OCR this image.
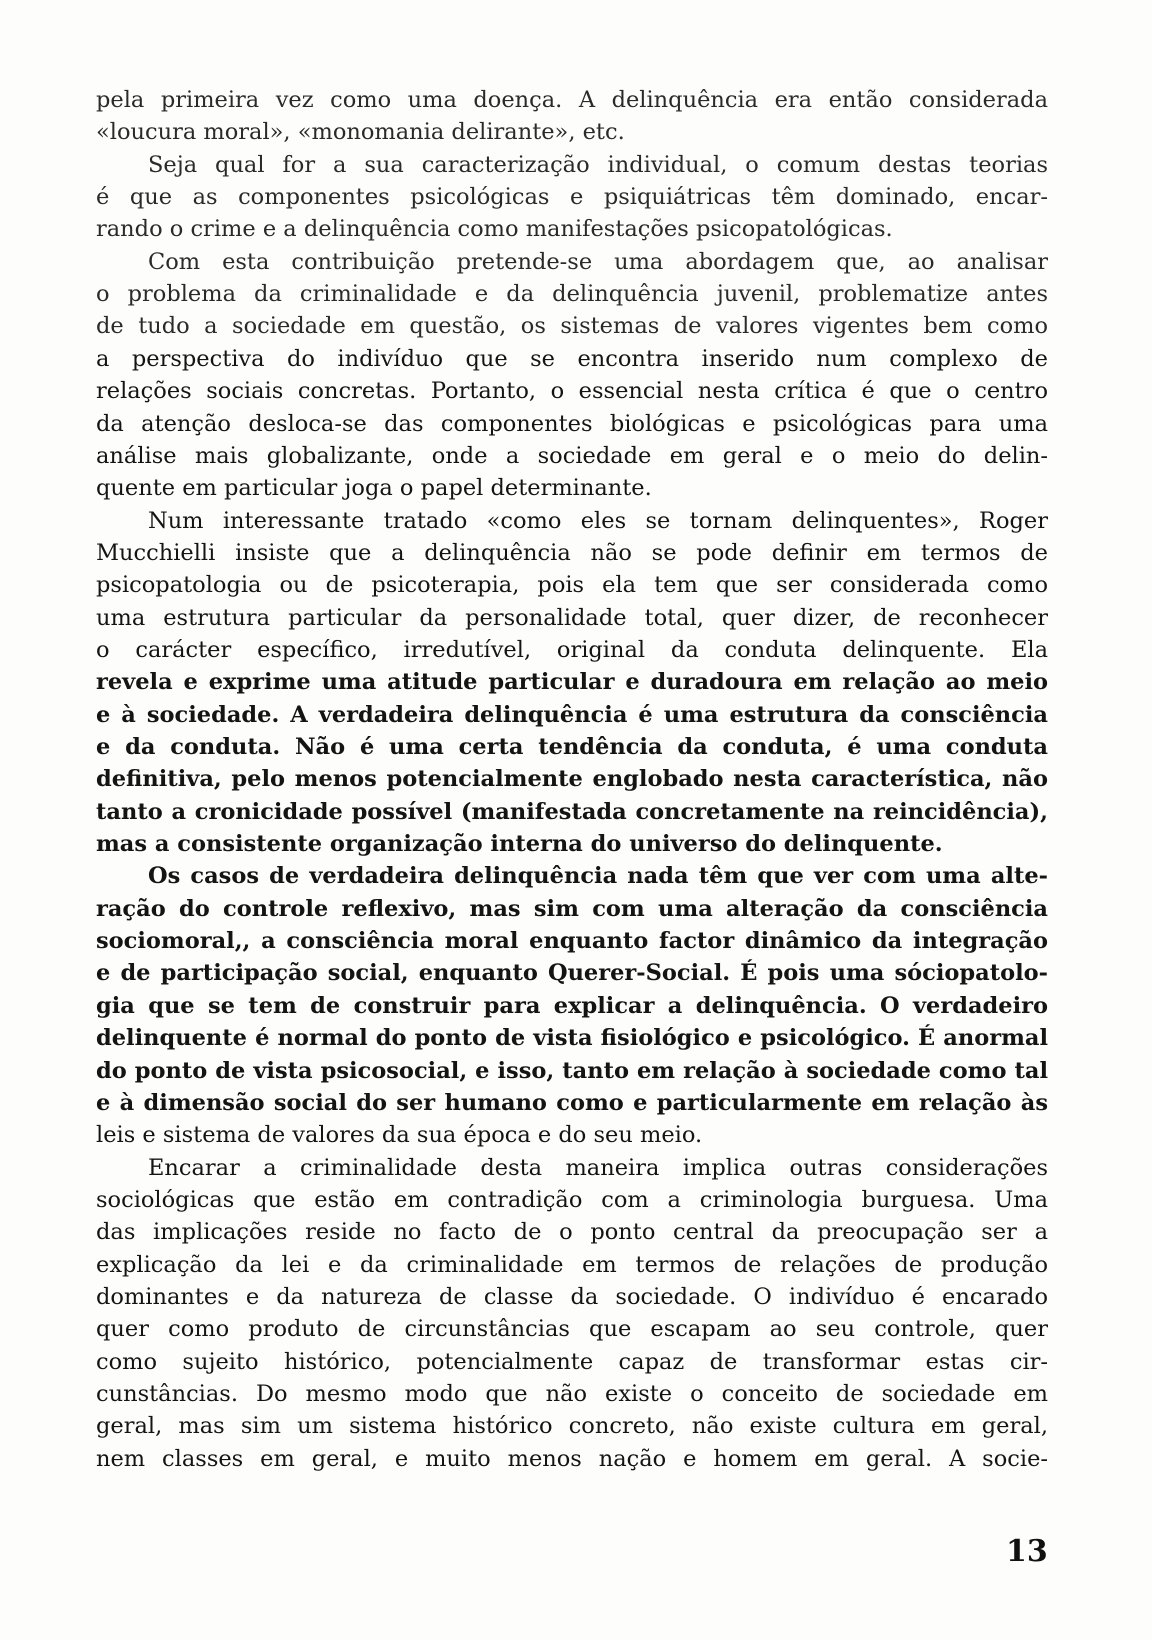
pela primeira vez como uma doença. A delinquência era então considerada
«loucura moral», «monomania delirante», etc.
Seja qual for a sua caracterização individual, o comum destas teorias
é que as componentes psicológicas e psiquiátricas têm dominado, encar-
rando o crime e a delinquência como manifestações psicopatológicas.
Com esta contribuição pretende-se uma abordagem que, ao analisar
o problema da criminalidade e da delinquência juvenil, problematize antes
de tudo a sociedade em questão, os sistemas de valores vigentes bem como
a perspectiva do indivíduo que se encontra inserido num complexo de
relações sociais concretas. Portanto, o essencial nesta crítica é que o centro
da atenção desloca-se das componentes biológicas e psicológicas para uma
análise mais globalizante, onde a sociedade em geral e o meio do delin-
quente em particular joga o papel determinante.
Num interessante tratado «como eles se tornam delinquentes», Roger
Mucchielli insiste que a delinquência não se pode definir em termos de
psicopatologia ou de psicoterapia, pois ela tem que ser considerada como
uma estrutura particular da personalidade total, quer dizer, de reconhecer
o carácter específico, irredutível, original da conduta delinquente. Ela
revela e exprime uma atitude particular e duradoura em relação ao meio
e à sociedade. A verdadeira delinquência é uma estrutura da consciência
e da conduta. Não é uma certa tendência da conduta, é uma conduta
definitiva, pelo menos potencialmente englobado nesta característica, não
tanto a cronicidade possível (manifestada concretamente na reincidência),
mas a consistente organização interna do universo do delinquente.
Os casos de verdadeira delinquência nada têm que ver com uma alte-
ração do controle reflexivo, mas sim com uma alteração da consciência
sociomoral,, a consciência moral enquanto factor dinâmico da integração
e de participação social, enquanto Querer-Social. É pois uma sóciopatolo-
gia que se tem de construir para explicar a delinquência. O verdadeiro
delinquente é normal do ponto de vista fisiológico e psicológico. É anormal
do ponto de vista psicosocial, e isso, tanto em relação à sociedade como tal
e à dimensão social do ser humano como e particularmente em relação às
leis e sistema de valores da sua época e do seu meio.
Encarar a criminalidade desta maneira implica outras considerações
sociológicas que estão em contradição com a criminologia burguesa. Uma
das implicações reside no facto de o ponto central da preocupação ser a
explicação da lei e da criminalidade em termos de relações de produção
dominantes e da natureza de classe da sociedade. O indivíduo é encarado
quer como produto de circunstâncias que escapam ao seu controle, quer
como sujeito histórico, potencialmente capaz de transformar estas cir-
cunstâncias. Do mesmo modo que não existe o conceito de sociedade em
geral, mas sim um sistema histórico concreto, não existe cultura em geral,
nem classes em geral, e muito menos nação e homem em geral. A socie-
13
